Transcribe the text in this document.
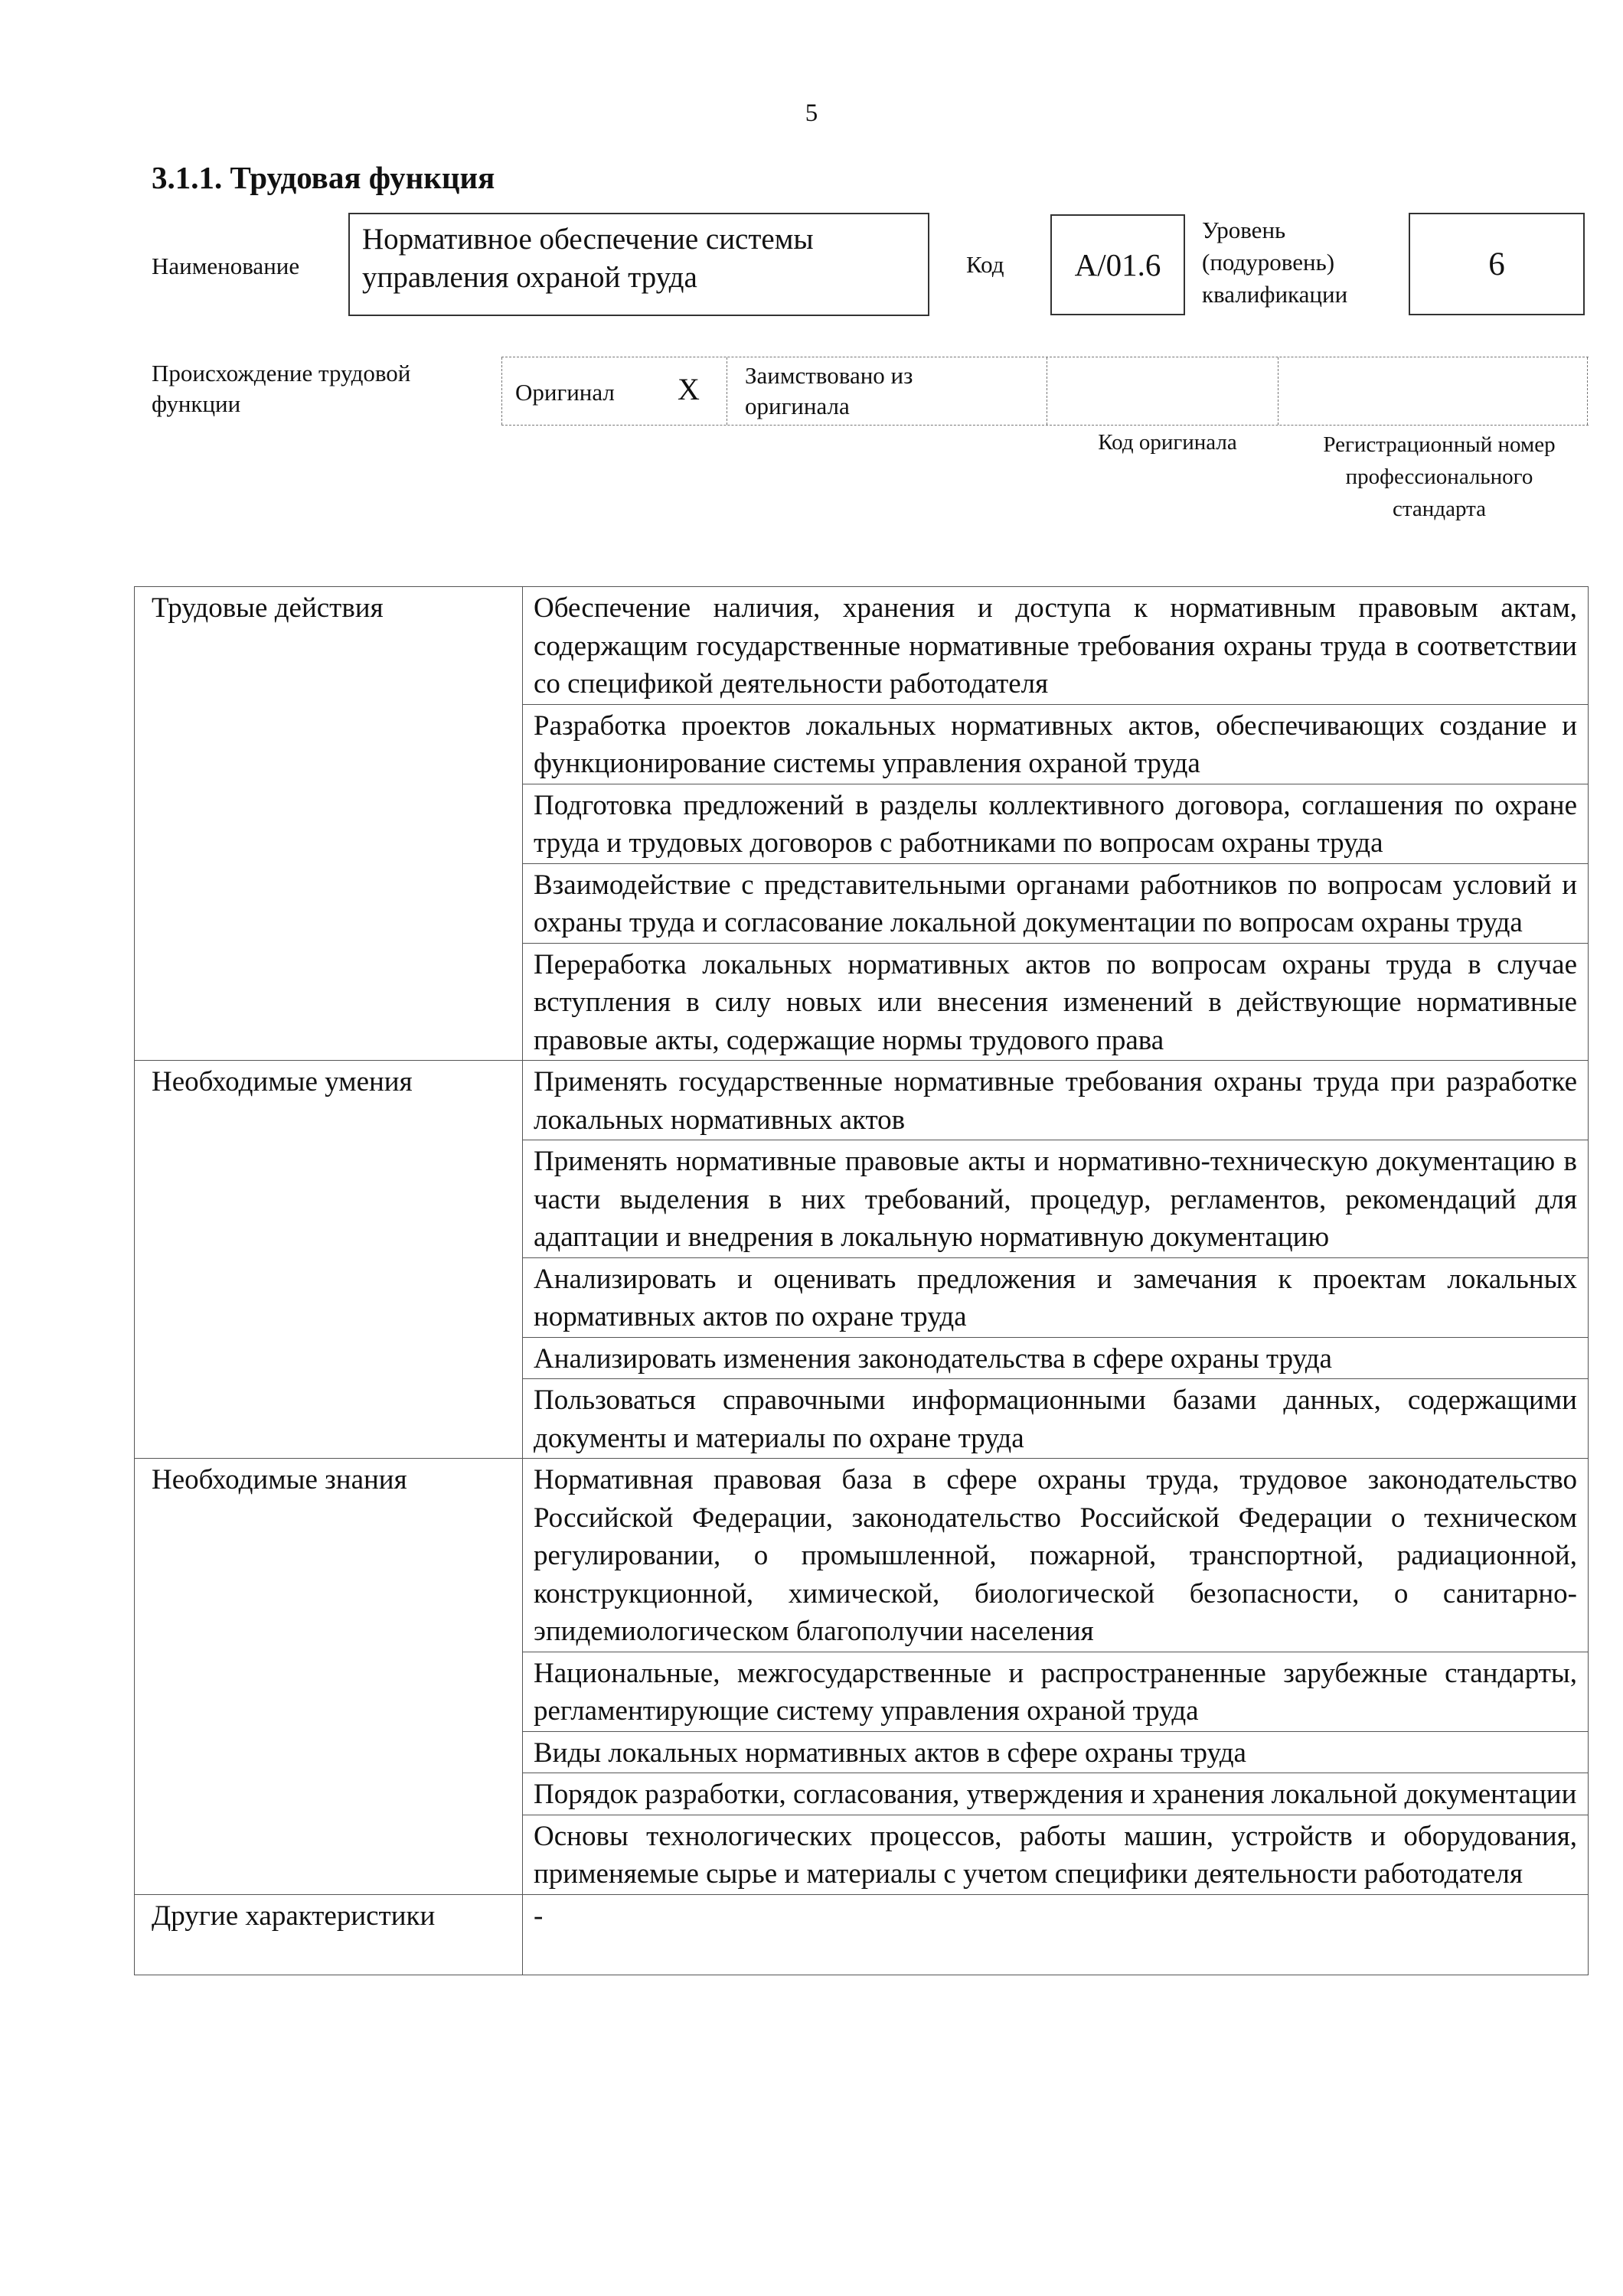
5
3.1.1. Трудовая функция
Наименование
Нормативное обеспечение системы управления охраной труда	Код A/01.6
Уровень (подуровень) квалификации
6
Происхождение трудовой функции	Оригинал X Заимствовано из оригинала
Код оригинала	Регистрационный номер профессионального стандарта
Трудовые действия	Обеспечение наличия, хранения и доступа к нормативным правовым актам, содержащим государственные нормативные требования охраны труда в соответствии со спецификой деятельности работодателя
	Разработка проектов локальных нормативных актов, обеспечивающих создание и функционирование системы управления охраной труда
	Подготовка предложений в разделы коллективного договора, соглашения по охране труда и трудовых договоров с работниками по вопросам охраны труда
	Взаимодействие с представительными органами работников по вопросам условий и охраны труда и согласование локальной документации по вопросам охраны труда
	Переработка локальных нормативных актов по вопросам охраны труда в случае вступления в силу новых или внесения изменений в действующие нормативные правовые акты, содержащие нормы трудового права
Необходимые умения	Применять государственные нормативные требования охраны труда при разработке локальных нормативных актов
	Применять нормативные правовые акты и нормативно-техническую документацию в части выделения в них требований, процедур, регламентов, рекомендаций для адаптации и внедрения в локальную нормативную документацию
	Анализировать и оценивать предложения и замечания к проектам локальных нормативных актов по охране труда
	Анализировать изменения законодательства в сфере охраны труда
	Пользоваться справочными информационными базами данных, содержащими документы и материалы по охране труда
Необходимые знания	Нормативная правовая база в сфере охраны труда, трудовое законодательство Российской Федерации, законодательство Российской Федерации о техническом регулировании, о промышленной, пожарной, транспортной, радиационной, конструкционной, химической, биологической безопасности, о санитарно-эпидемиологическом благополучии населения
	Национальные, межгосударственные и распространенные зарубежные стандарты, регламентирующие систему управления охраной труда
	Виды локальных нормативных актов в сфере охраны труда
	Порядок разработки, согласования, утверждения и хранения локальной документации
	Основы технологических процессов, работы машин, устройств и оборудования, применяемые сырье и материалы с учетом специфики деятельности работодателя
Другие характеристики	-
